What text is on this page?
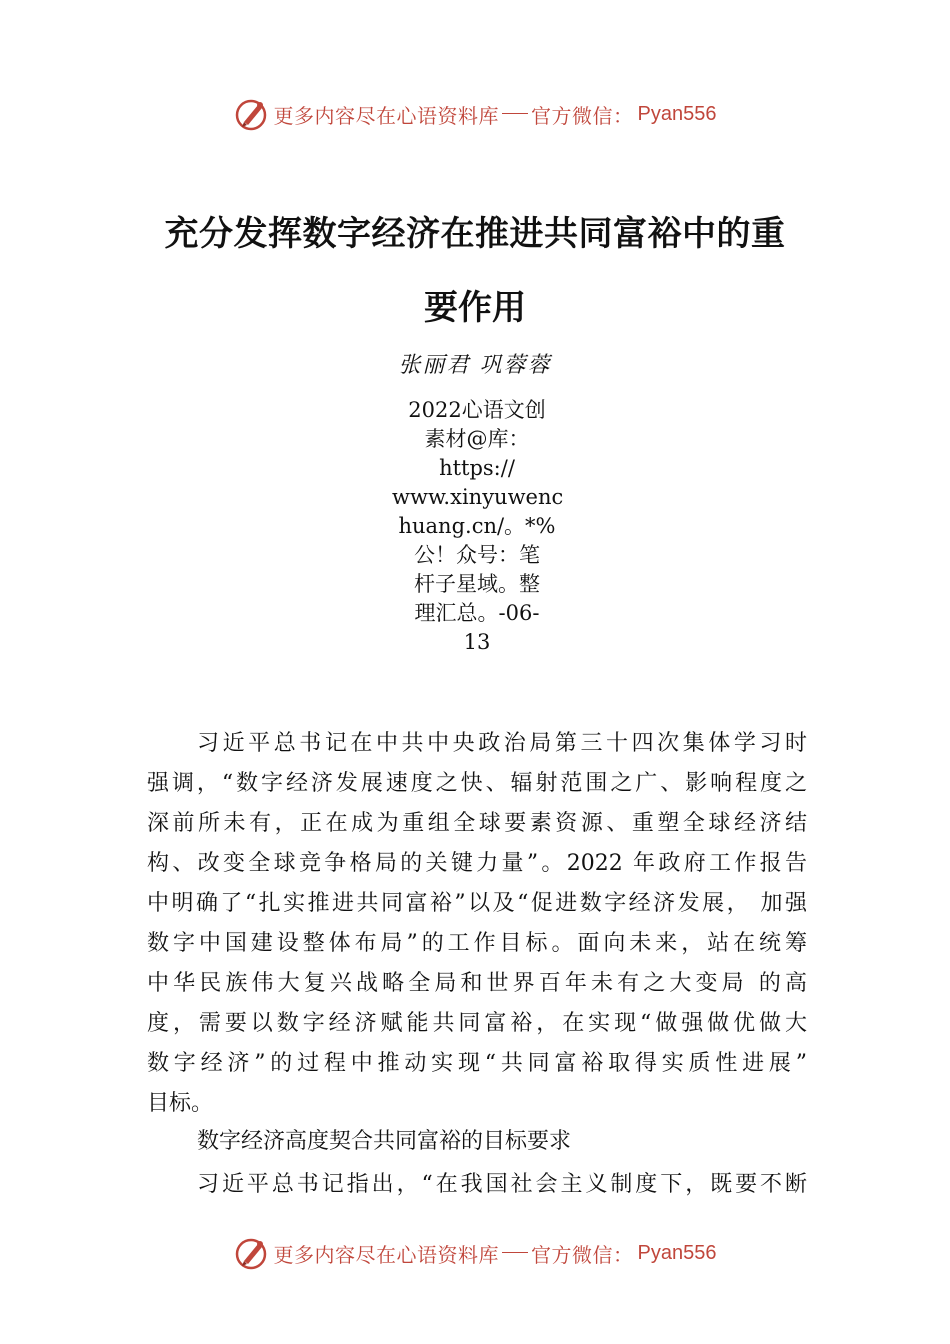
更多内容尽在心语资料库 官方微信： Pyan556
充分发挥数字经济在推进共同富裕中的重
要作用
张丽君 巩蓉蓉
2022心语文创
素材@库：
https://
www.xinyuwenc
huang.cn/。*%
公！众号：笔
杆子星域。整
理汇总。-06-
13
习近平总书记在中共中央政治局第三十四次集体学习时
强调，“数字经济发展速度之快、辐射范围之广、影响程度之
深前所未有，正在成为重组全球要素资源、重塑全球经济结
构、改变全球竞争格局的关键力量”。2022 年政府工作报告
中明确了“扎实推进共同富裕”以及“促进数字经济发展， 加强
数字中国建设整体布局”的工作目标。面向未来，站在统筹
中华民族伟大复兴战略全局和世界百年未有之大变局 的高
度，需要以数字经济赋能共同富裕，在实现“做强做优做大
数字经济”的过程中推动实现“共同富裕取得实质性进展”
目标。
数字经济高度契合共同富裕的目标要求
习近平总书记指出，“在我国社会主义制度下，既要不断
更多内容尽在心语资料库 官方微信： Pyan556
